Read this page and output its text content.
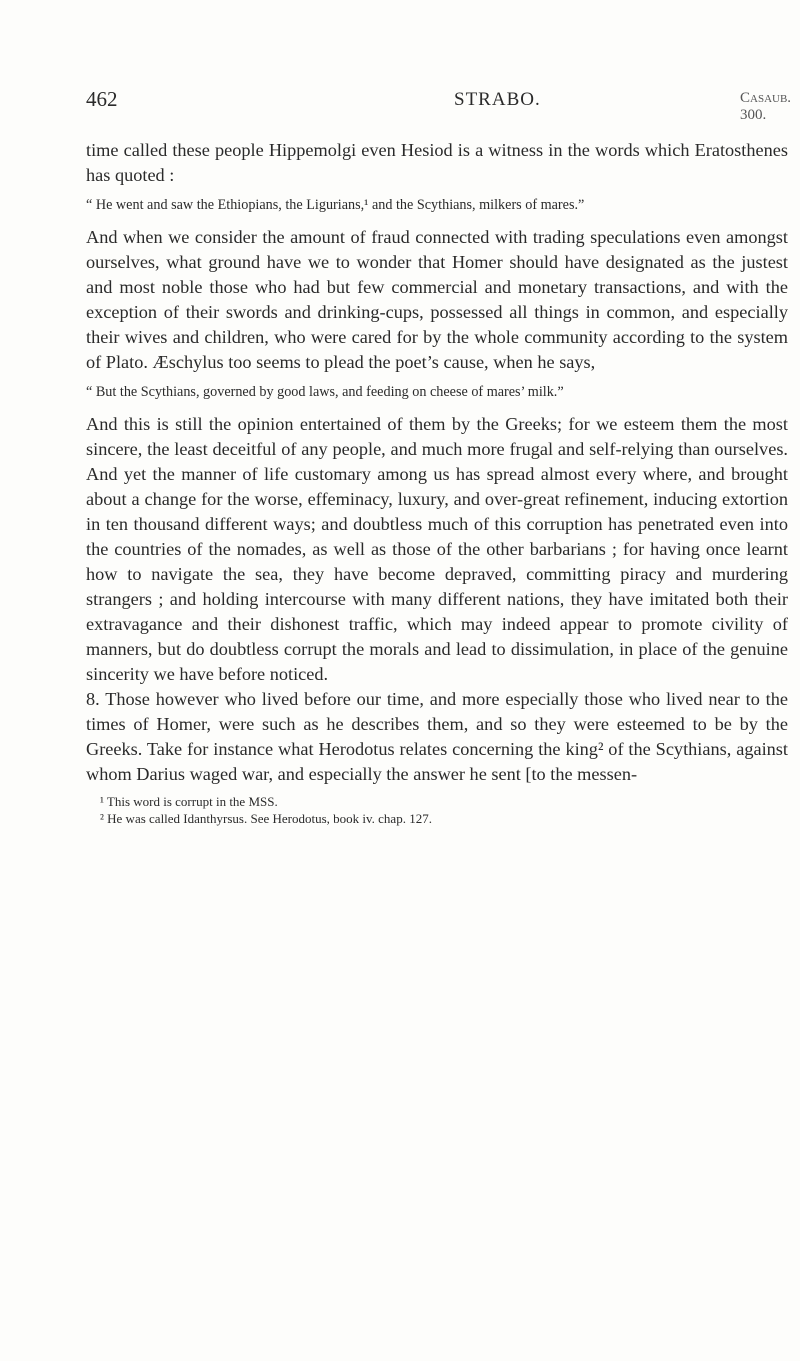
462	STRABO.	Casaub. 300.

time called these people Hippemolgi even Hesiod is a witness in the words which Eratosthenes has quoted :

“ He went and saw the Ethiopians, the Ligurians,¹ and the Scythians, milkers of mares.”

And when we consider the amount of fraud connected with trading speculations even amongst ourselves, what ground have we to wonder that Homer should have designated as the justest and most noble those who had but few commercial and monetary transactions, and with the exception of their swords and drinking-cups, possessed all things in common, and especially their wives and children, who were cared for by the whole community according to the system of Plato. Æschylus too seems to plead the poet’s cause, when he says,

“ But the Scythians, governed by good laws, and feeding on cheese of mares’ milk.”

And this is still the opinion entertained of them by the Greeks; for we esteem them the most sincere, the least deceitful of any people, and much more frugal and self-relying than ourselves. And yet the manner of life customary among us has spread almost every where, and brought about a change for the worse, effeminacy, luxury, and over-great refinement, inducing extortion in ten thousand different ways; and doubtless much of this corruption has penetrated even into the countries of the nomades, as well as those of the other barbarians ; for having once learnt how to navigate the sea, they have become depraved, committing piracy and murdering strangers ; and holding intercourse with many different nations, they have imitated both their extravagance and their dishonest traffic, which may indeed appear to promote civility of manners, but do doubtless corrupt the morals and lead to dissimulation, in place of the genuine sincerity we have before noticed.

8. Those however who lived before our time, and more especially those who lived near to the times of Homer, were such as he describes them, and so they were esteemed to be by the Greeks. Take for instance what Herodotus relates concerning the king² of the Scythians, against whom Darius waged war, and especially the answer he sent [to the messen-

¹ This word is corrupt in the MSS.

² He was called Idanthyrsus. See Herodotus, book iv. chap. 127.
